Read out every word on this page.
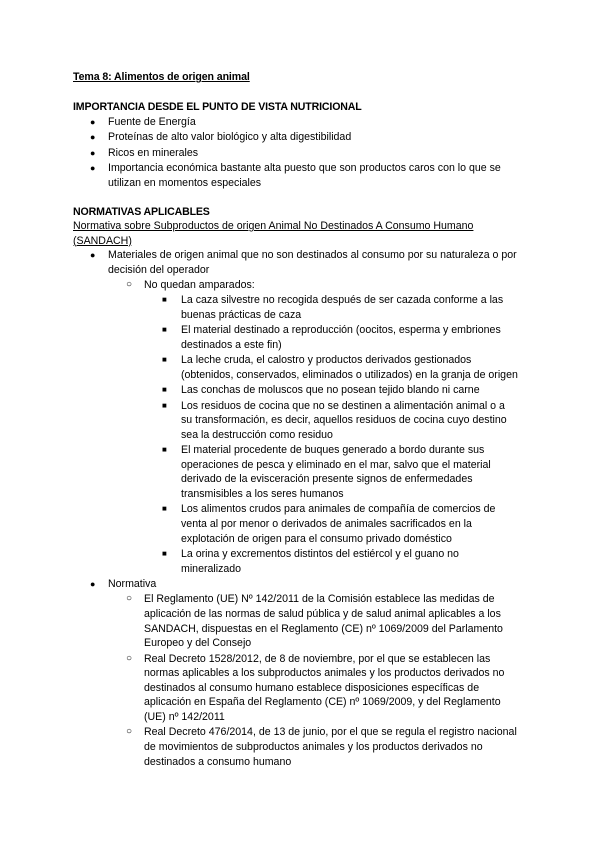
Tema 8: Alimentos de origen animal
IMPORTANCIA DESDE EL PUNTO DE VISTA NUTRICIONAL
● Fuente de Energía
● Proteínas de alto valor biológico y alta digestibilidad
● Ricos en minerales
● Importancia económica bastante alta puesto que son productos caros con lo que se utilizan en momentos especiales
NORMATIVAS APLICABLES
Normativa sobre Subproductos de origen Animal No Destinados A Consumo Humano (SANDACH)
● Materiales de origen animal que no son destinados al consumo por su naturaleza o por decisión del operador
○ No quedan amparados:
■ La caza silvestre no recogida después de ser cazada conforme a las buenas prácticas de caza
■ El material destinado a reproducción (oocitos, esperma y embriones destinados a este fin)
■ La leche cruda, el calostro y productos derivados gestionados (obtenidos, conservados, eliminados o utilizados) en la granja de origen
■ Las conchas de moluscos que no posean tejido blando ni carne
■ Los residuos de cocina que no se destinen a alimentación animal o a su transformación, es decir, aquellos residuos de cocina cuyo destino sea la destrucción como residuo
■ El material procedente de buques generado a bordo durante sus operaciones de pesca y eliminado en el mar, salvo que el material derivado de la evisceración presente signos de enfermedades transmisibles a los seres humanos
■ Los alimentos crudos para animales de compañía de comercios de venta al por menor o derivados de animales sacrificados en la explotación de origen para el consumo privado doméstico
■ La orina y excrementos distintos del estiércol y el guano no mineralizado
● Normativa
○ El Reglamento (UE) Nº 142/2011 de la Comisión establece las medidas de aplicación de las normas de salud pública y de salud animal aplicables a los SANDACH, dispuestas en el Reglamento (CE) nº 1069/2009 del Parlamento Europeo y del Consejo
○ Real Decreto 1528/2012, de 8 de noviembre, por el que se establecen las normas aplicables a los subproductos animales y los productos derivados no destinados al consumo humano establece disposiciones específicas de aplicación en España del Reglamento (CE) nº 1069/2009, y del Reglamento (UE) nº 142/2011
○ Real Decreto 476/2014, de 13 de junio, por el que se regula el registro nacional de movimientos de subproductos animales y los productos derivados no destinados a consumo humano
